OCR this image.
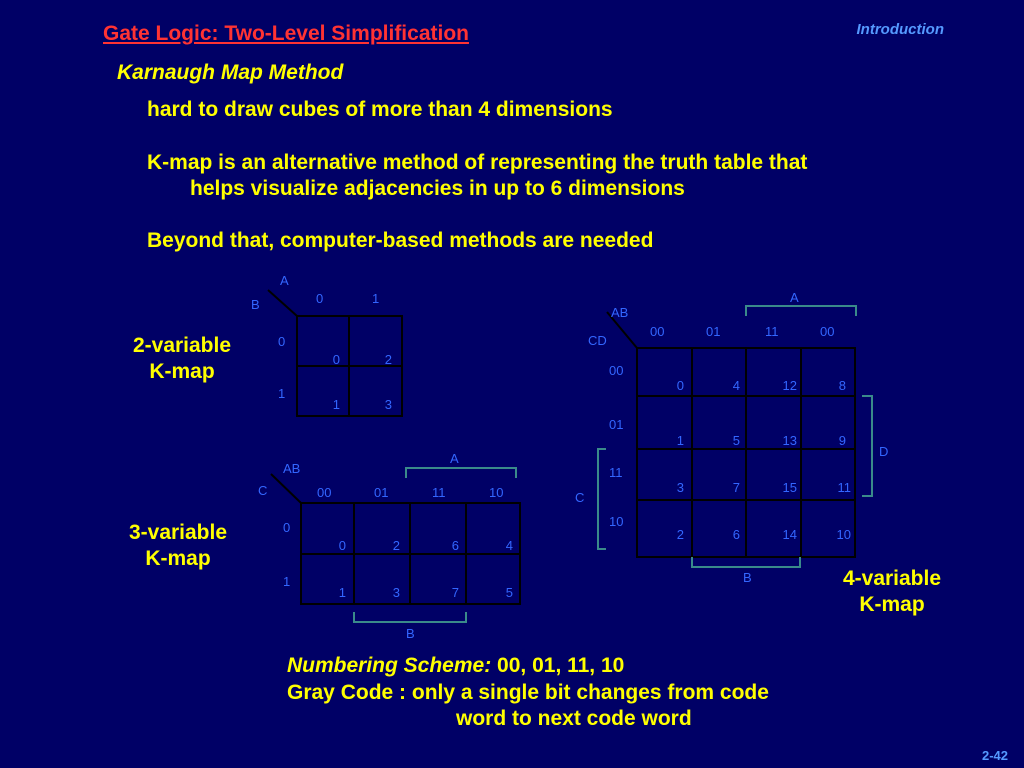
Gate Logic: Two-Level Simplification	Introduction
Karnaugh Map Method
hard to draw cubes of more than 4 dimensions
K-map is an alternative method of representing the truth table that
helps visualize adjacencies in up to 6 dimensions
Beyond that, computer-based methods are needed
2-variable
K-map
A
B	0	1
0
1
0	2
1	3
3-variable
K-map
AB
C
A
B
00	01	11	10
0
1
0	2	6	4
1	3	7	5
4-variable
K-map
AB
CD
A
B
C
D
00	01	11	00
00
01
11
10
0	4	12	8
1	5	13	9
3	7	15	11
2	6	14	10
Numbering Scheme: 00, 01, 11, 10
Gray Code : only a single bit changes from code
word to next code word
2-42
